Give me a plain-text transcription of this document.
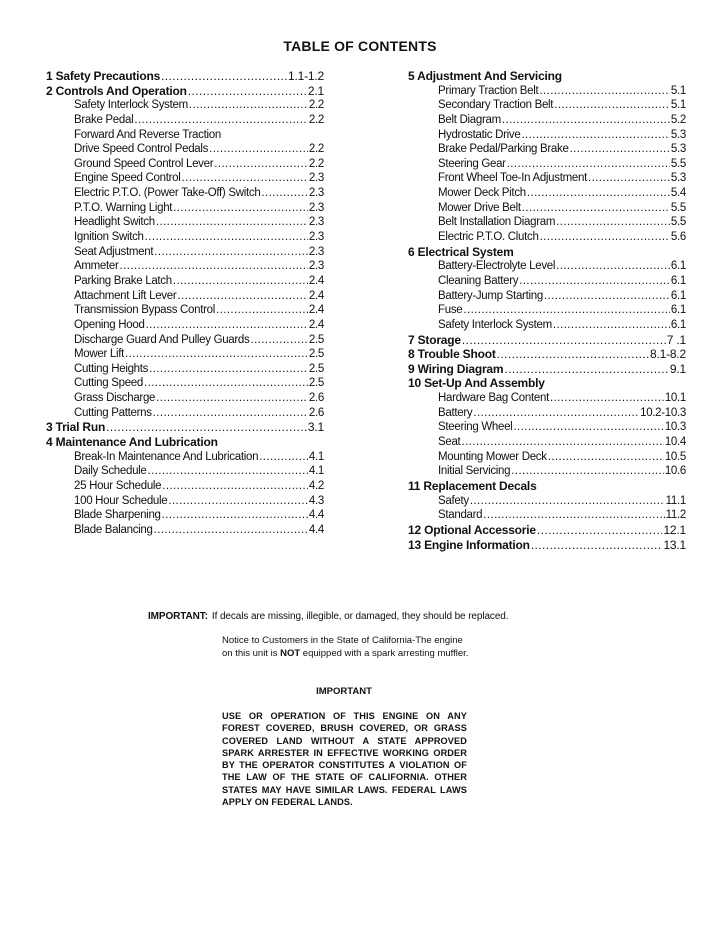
TABLE OF CONTENTS
1 Safety Precautions .....	1.1-1.2
2 Controls And Operation .....	2.1
Safety Interlock System .....	2.2
Brake Pedal .....	2.2
Forward And Reverse Traction
Drive Speed Control Pedals .....	2.2
Ground Speed Control Lever .....	2.2
Engine Speed Control .....	2.3
Electric P.T.O. (Power Take-Off) Switch .....	2.3
P.T.O. Warning Light .....	2.3
Headlight Switch .....	2.3
Ignition Switch .....	2.3
Seat Adjustment .....	2.3
Ammeter .....	2.3
Parking Brake Latch .....	2.4
Attachment Lift Lever .....	2.4
Transmission Bypass Control .....	2.4
Opening Hood .....	2.4
Discharge Guard And Pulley Guards .....	2.5
Mower Lift .....	2.5
Cutting Heights .....	2.5
Cutting Speed .....	2.5
Grass Discharge .....	2.6
Cutting Patterns .....	2.6
3 Trial Run .....	3.1
4 Maintenance And Lubrication
Break-In Maintenance And Lubrication .....	4.1
Daily Schedule .....	4.1
25 Hour Schedule .....	4.2
100 Hour Schedule .....	4.3
Blade Sharpening .....	4.4
Blade Balancing .....	4.4
5 Adjustment And Servicing
Primary Traction Belt .....	5.1
Secondary Traction Belt .....	5.1
Belt Diagram .....	5.2
Hydrostatic Drive .....	5.3
Brake Pedal/Parking Brake .....	5.3
Steering Gear .....	5.5
Front Wheel Toe-In Adjustment .....	5.3
Mower Deck Pitch .....	5.4
Mower Drive Belt .....	5.5
Belt Installation Diagram .....	5.5
Electric P.T.O. Clutch .....	5.6
6 Electrical System
Battery-Electrolyte Level .....	6.1
Cleaning Battery .....	6.1
Battery-Jump Starting .....	6.1
Fuse .....	6.1
Safety Interlock System .....	6.1
7 Storage .....	7 .1
8 Trouble Shoot .....	8.1-8.2
9 Wiring Diagram .....	9.1
10 Set-Up And Assembly
Hardware Bag Content .....	10.1
Battery .....	10.2-10.3
Steering Wheel .....	10.3
Seat .....	10.4
Mounting Mower Deck .....	10.5
Initial Servicing .....	10.6
11 Replacement Decals
Safety .....	11.1
Standard .....	11.2
12 Optional Accessorie .....	12.1
13 Engine Information .....	13.1
IMPORTANT: If decals are missing, illegible, or damaged, they should be replaced.
Notice to Customers in the State of California-The engine on this unit is NOT equipped with a spark arresting muffler.
IMPORTANT
USE OR OPERATION OF THIS ENGINE ON ANY FOREST COVERED, BRUSH COVERED, OR GRASS COVERED LAND WITHOUT A STATE APPROVED SPARK ARRESTER IN EFFECTIVE WORKING ORDER BY THE OPERATOR CONSTITUTES A VIOLATION OF THE LAW OF THE STATE OF CALIFORNIA. OTHER STATES MAY HAVE SIMILAR LAWS. FEDERAL LAWS APPLY ON FEDERAL LANDS.
